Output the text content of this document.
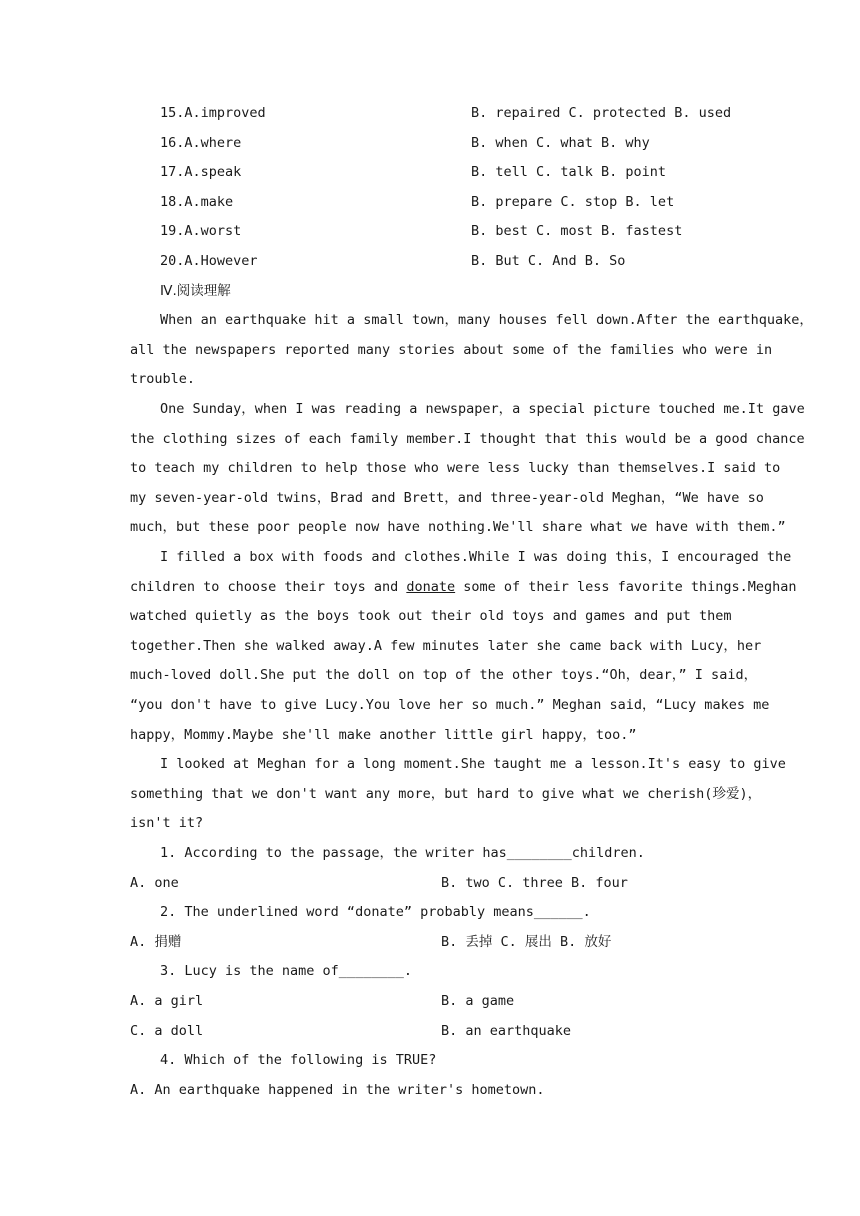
15.A.improved	B. repaired C. protected B. used
16.A.where	B. when C. what B. why
17.A.speak	B. tell C. talk B. point
18.A.make	B. prepare C. stop B. let
19.A.worst	B. best C. most B. fastest
20.A.However	B. But C. And B. So
Ⅳ.阅读理解
When an earthquake hit a small town，many houses fell down.After the earthquake，
all the newspapers reported many stories about some of the families who were in
trouble.
One Sunday，when I was reading a newspaper，a special picture touched me.It gave
the clothing sizes of each family member.I thought that this would be a good chance
to teach my children to help those who were less lucky than themselves.I said to
my seven-year-old twins，Brad and Brett，and three-year-old Meghan，“We have so
much，but these poor people now have nothing.We'll share what we have with them.”
I filled a box with foods and clothes.While I was doing this，I encouraged the
children to choose their toys and donate some of their less favorite things.Meghan
watched quietly as the boys took out their old toys and games and put them
together.Then she walked away.A few minutes later she came back with Lucy，her
much-loved doll.She put the doll on top of the other toys.“Oh，dear，” I said，
“you don't have to give Lucy.You love her so much.” Meghan said，“Lucy makes me
happy，Mommy.Maybe she'll make another little girl happy，too.”
I looked at Meghan for a long moment.She taught me a lesson.It's easy to give
something that we don't want any more，but hard to give what we cherish(珍爱)，
isn't it?
1. According to the passage，the writer has________children.
A. one	B. two C. three B. four
2. The underlined word “donate” probably means______.
A. 捐赠	B. 丢掉 C. 展出 B. 放好
3. Lucy is the name of________.
A. a girl	B. a game
C. a doll	B. an earthquake
4. Which of the following is TRUE?
A. An earthquake happened in the writer's hometown.
